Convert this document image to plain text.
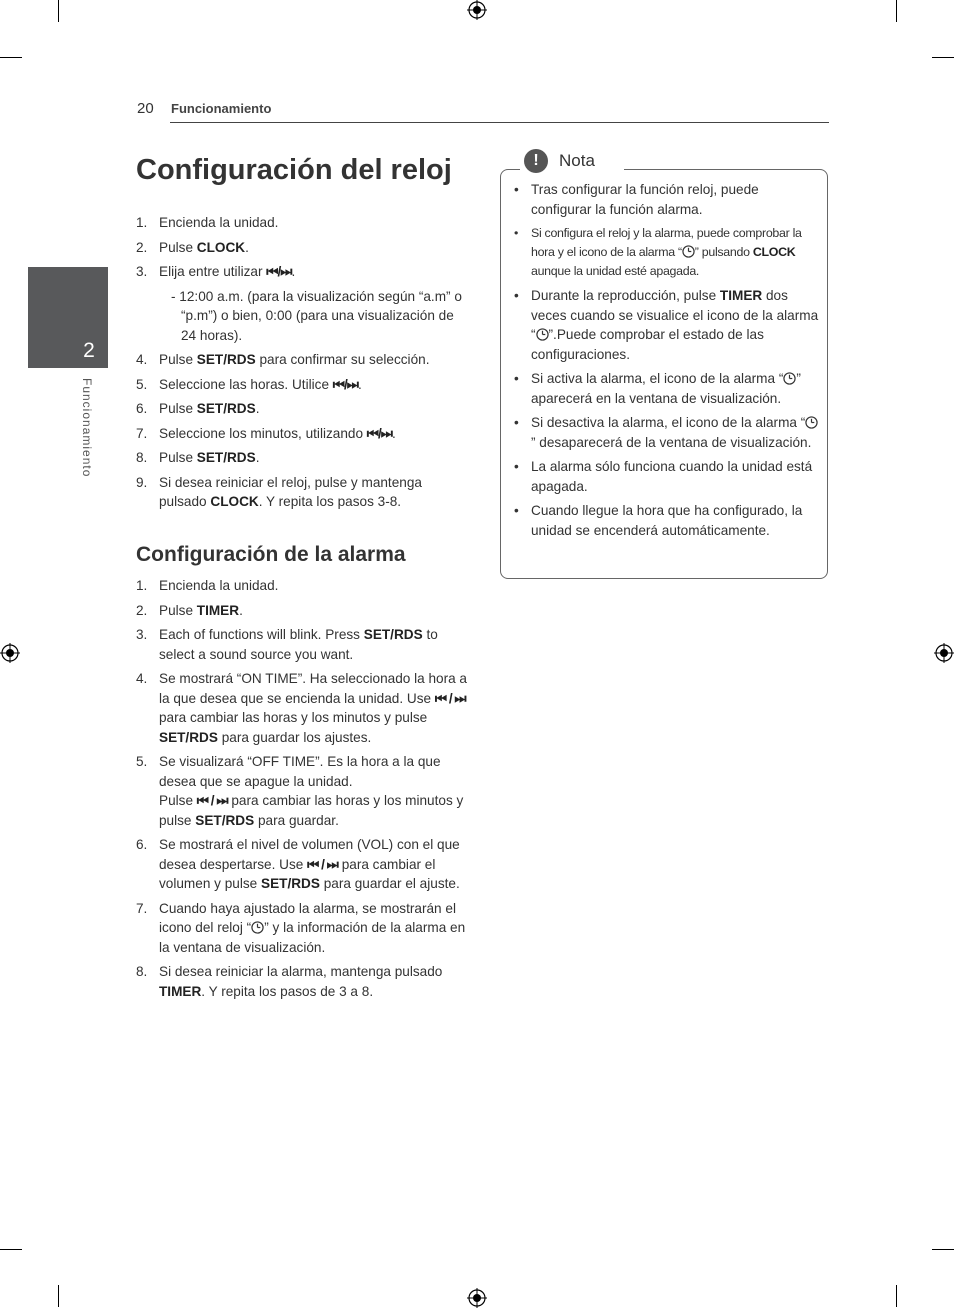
20 Funcionamiento
2
Funcionamiento
Configuración del reloj
1. Encienda la unidad.
2. Pulse CLOCK.
3. Elija entre utilizar ⏮/⏭.
- 12:00 a.m. (para la visualización según “a.m” o “p.m”) o bien, 0:00 (para una visualización de 24 horas).
4. Pulse SET/RDS para confirmar su selección.
5. Seleccione las horas. Utilice ⏮/⏭.
6. Pulse SET/RDS.
7. Seleccione los minutos, utilizando ⏮/⏭.
8. Pulse SET/RDS.
9. Si desea reiniciar el reloj, pulse y mantenga pulsado CLOCK. Y repita los pasos 3-8.
Configuración de la alarma
1. Encienda la unidad.
2. Pulse TIMER.
3. Each of functions will blink. Press SET/RDS to select a sound source you want.
4. Se mostrará “ON TIME”. Ha seleccionado la hora a la que desea que se encienda la unidad. Use ⏮ / ⏭ para cambiar las horas y los minutos y pulse SET/RDS para guardar los ajustes.
5. Se visualizará “OFF TIME”. Es la hora a la que desea que se apague la unidad.
Pulse ⏮ / ⏭ para cambiar las horas y los minutos y pulse SET/RDS para guardar.
6. Se mostrará el nivel de volumen (VOL) con el que desea despertarse. Use ⏮ / ⏭ para cambiar el volumen y pulse SET/RDS para guardar el ajuste.
7. Cuando haya ajustado la alarma, se mostrarán el icono del reloj “ ” y la información de la alarma en la ventana de visualización.
8. Si desea reiniciar la alarma, mantenga pulsado TIMER. Y repita los pasos de 3 a 8.
!	Nota
• Tras configurar la función reloj, puede configurar la función alarma.
• Si configura el reloj y la alarma, puede comprobar la hora y el icono de la alarma “ ” pulsando CLOCK aunque la unidad esté apagada.
• Durante la reproducción, pulse TIMER dos veces cuando se visualice el icono de la alarma “ ”.Puede comprobar el estado de las configuraciones.
• Si activa la alarma, el icono de la alarma “ ” aparecerá en la ventana de visualización.
• Si desactiva la alarma, el icono de la alarma “” desaparecerá de la ventana de visualización.
• La alarma sólo funciona cuando la unidad está apagada.
• Cuando llegue la hora que ha configurado, la unidad se encenderá automáticamente.
